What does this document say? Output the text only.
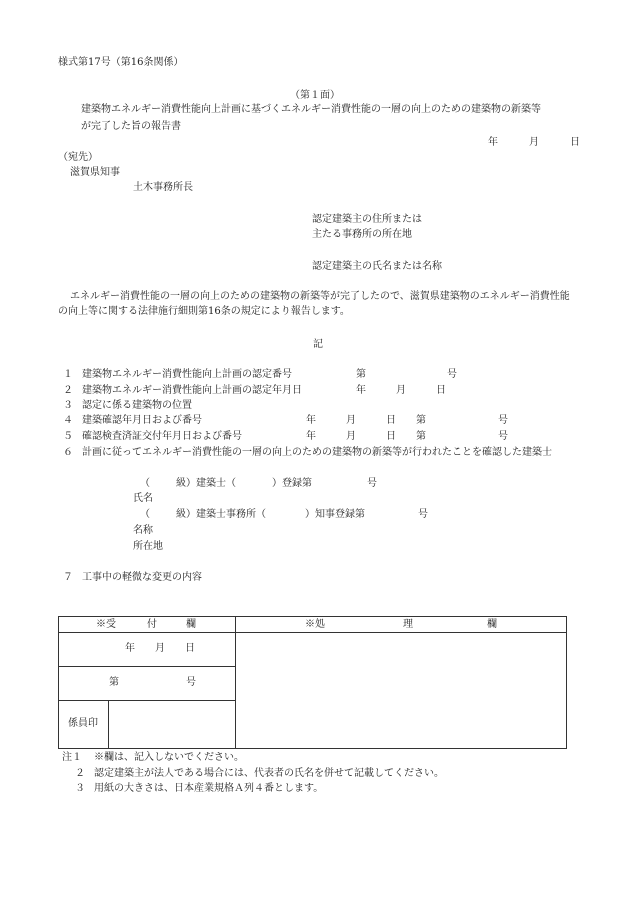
様式第17号（第16条関係）
（第１面）
建築物エネルギー消費性能向上計画に基づくエネルギー消費性能の一層の向上のための建築物の新築等
が完了した旨の報告書
年	月	日
（宛先）
滋賀県知事
土木事務所長
認定建築主の住所または
主たる事務所の所在地
認定建築主の氏名または名称
エネルギー消費性能の一層の向上のための建築物の新築等が完了したので、滋賀県建築物のエネルギー消費性能
の向上等に関する法律施行細則第16条の規定により報告します。
記
１ 建築物エネルギー消費性能向上計画の認定番号	第	号
２ 建築物エネルギー消費性能向上計画の認定年月日	年	月	日
３ 認定に係る建築物の位置
４ 建築確認年月日および番号	年	月	日 第	号
５ 確認検査済証交付年月日および番号	年	月	日 第	号
６ 計画に従ってエネルギー消費性能の一層の向上のための建築物の新築等が行われたことを確認した建築士
（	級）建築士（	）登録第	号
氏名
（	級）建築士事務所（	）知事登録第	号
名称
所在地
７ 工事中の軽微な変更の内容
※受	付	欄	※処	理	欄
年 月 日
第	号
係員印
注１ ※欄は、記入しないでください。
２ 認定建築主が法人である場合には、代表者の氏名を併せて記載してください。
３ 用紙の大きさは、日本産業規格Ａ列４番とします。
